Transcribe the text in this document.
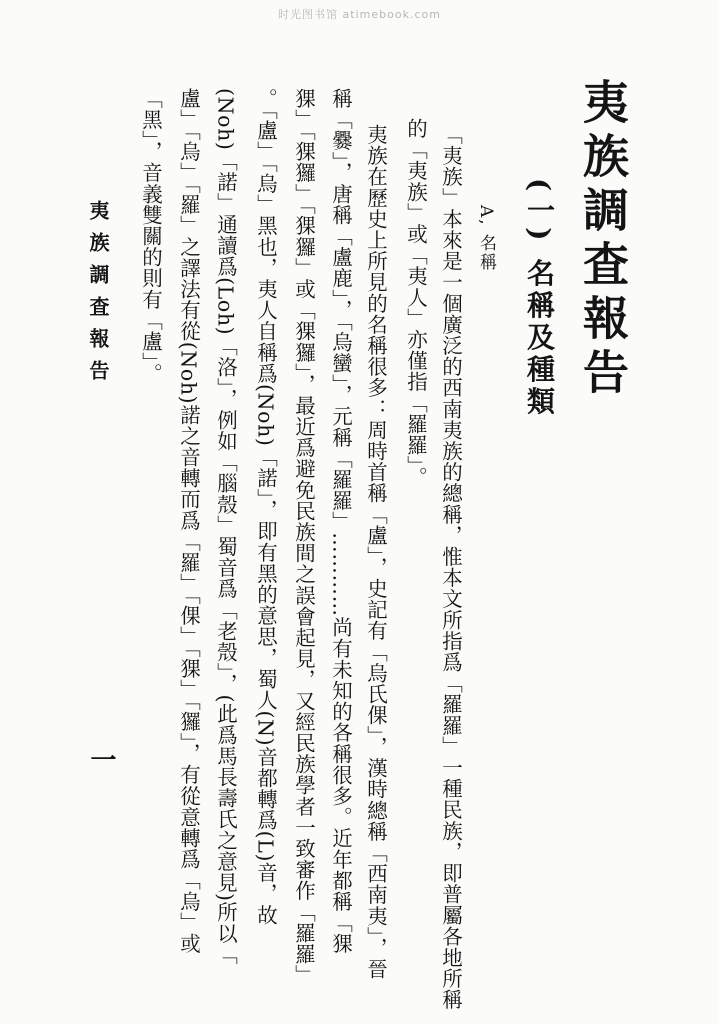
时光图书馆 atimebook.com
夷族調査報告
(一) 名稱及種類
A, 名稱
「夷族」本來是一個廣泛的西南夷族的總稱，惟本文所指爲「羅羅」一種民族，即普屬各地所稱
的「夷族」或「夷人」亦僅指「羅羅」。
夷族在歷史上所見的名稱很多：周時首稱「盧」，史記有「烏氏倮」，漢時總稱「西南夷」，晉
稱「爨」，唐稱「盧鹿」，「烏蠻」，元稱「羅羅」…………尚有未知的各稱很多。近年都稱「猓
猓」「猓玀」「猓玀」或「猓玀」，最近爲避免民族間之誤會起見，又經民族學者一致審作「羅羅」
。「盧」「烏」黑也，夷人自稱爲(Noh)「諾」，即有黑的意思，蜀人(N)音都轉爲(L)音，故
(Noh)「諾」通讀爲(Loh)「洛」，例如「腦殼」蜀音爲「老殼」，(此爲馬長壽氏之意見)所以「
盧」「烏」「羅」之譯法有從(Noh)諾之音轉而爲「羅」「倮」「猓」「玀」，有從意轉爲「烏」或
「黑」，音義雙關的則有「盧」。
夷族調査報告
一
